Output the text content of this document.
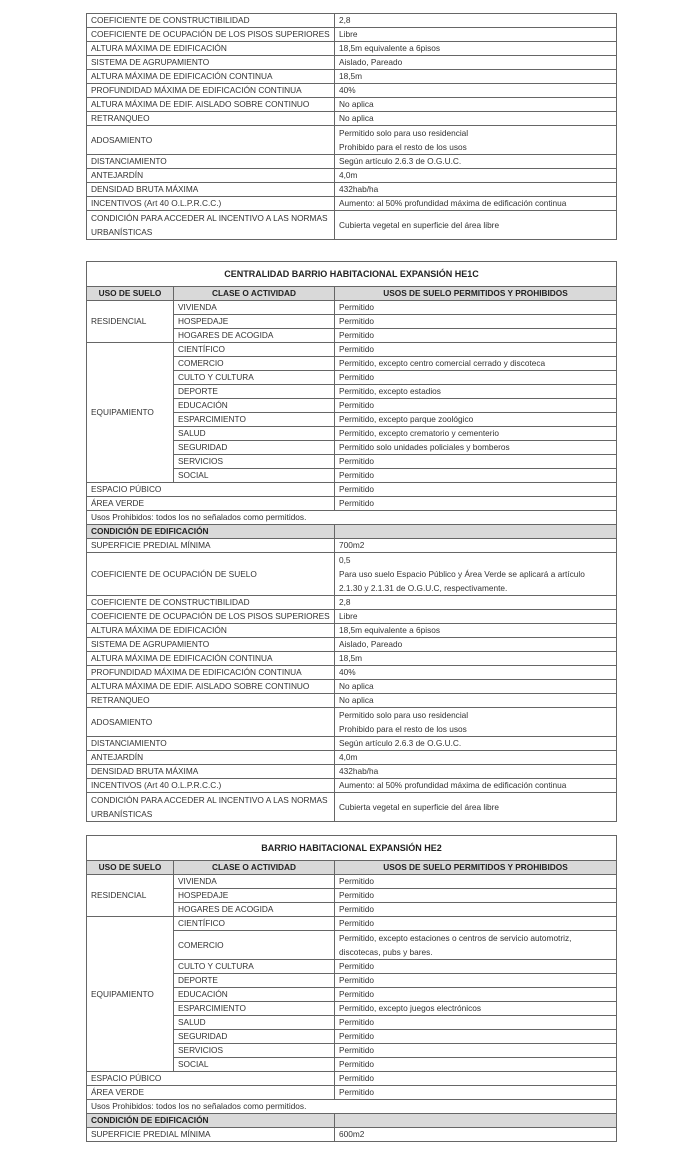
COEFICIENTE DE CONSTRUCTIBILIDAD	2,8
COEFICIENTE DE OCUPACIÓN DE LOS PISOS SUPERIORES	Libre
ALTURA MÁXIMA DE EDIFICACIÓN	18,5m equivalente a 6pisos
SISTEMA DE AGRUPAMIENTO	Aislado, Pareado
ALTURA MÁXIMA DE EDIFICACIÓN CONTINUA	18,5m
PROFUNDIDAD MÁXIMA DE EDIFICACIÓN CONTINUA	40%
ALTURA MÁXIMA DE EDIF. AISLADO SOBRE CONTINUO	No aplica
RETRANQUEO	No aplica
ADOSAMIENTO	Permitido solo para uso residencial
Prohibido para el resto de los usos

DISTANCIAMIENTO	Según artículo 2.6.3 de O.G.U.C.
ANTEJARDÍN	4,0m
DENSIDAD BRUTA MÁXIMA	432hab/ha
INCENTIVOS (Art 40 O.L.P.R.C.C.)	Aumento: al 50% profundidad máxima de edificación continua
CONDICIÓN PARA ACCEDER AL INCENTIVO A LAS NORMAS URBANÍSTICAS	Cubierta vegetal en superficie del área libre
CENTRALIDAD BARRIO HABITACIONAL EXPANSIÓN HE1C		
USO DE SUELO	CLASE O ACTIVIDAD	USOS DE SUELO PERMITIDOS Y PROHIBIDOS
RESIDENCIAL	VIVIENDA	Permitido
	HOSPEDAJE	Permitido
	HOGARES DE ACOGIDA	Permitido
EQUIPAMIENTO	CIENTÍFICO	Permitido
	COMERCIO	Permitido, excepto centro comercial cerrado y discoteca
	CULTO Y CULTURA	Permitido
	DEPORTE	Permitido, excepto estadios
	EDUCACIÓN	Permitido
	ESPARCIMIENTO	Permitido, excepto parque zoológico
	SALUD	Permitido, excepto crematorio y cementerio
	SEGURIDAD	Permitido solo unidades policiales y bomberos
	SERVICIOS	Permitido
	SOCIAL	Permitido
ESPACIO PÚBICO		Permitido
ÁREA VERDE		Permitido
Usos Prohibidos: todos los no señalados como permitidos.		
CONDICIÓN DE EDIFICACIÓN		
SUPERFICIE PREDIAL MÍNIMA		700m2
COEFICIENTE DE OCUPACIÓN DE SUELO		0,5
Para uso suelo Espacio Público y Área Verde se aplicará a artículo
2.1.30 y 2.1.31 de O.G.U.C, respectivamente.

COEFICIENTE DE CONSTRUCTIBILIDAD		2,8
COEFICIENTE DE OCUPACIÓN DE LOS PISOS SUPERIORES		Libre
ALTURA MÁXIMA DE EDIFICACIÓN		18,5m equivalente a 6pisos
SISTEMA DE AGRUPAMIENTO		Aislado, Pareado
ALTURA MÁXIMA DE EDIFICACIÓN CONTINUA		18,5m
PROFUNDIDAD MÁXIMA DE EDIFICACIÓN CONTINUA		40%
ALTURA MÁXIMA DE EDIF. AISLADO SOBRE CONTINUO		No aplica
RETRANQUEO		No aplica
ADOSAMIENTO		Permitido solo para uso residencial
Prohibido para el resto de los usos

DISTANCIAMIENTO		Según artículo 2.6.3 de O.G.U.C.
ANTEJARDÍN		4,0m
DENSIDAD BRUTA MÁXIMA		432hab/ha
INCENTIVOS (Art 40 O.L.P.R.C.C.)		Aumento: al 50% profundidad máxima de edificación continua
CONDICIÓN PARA ACCEDER AL INCENTIVO A LAS NORMAS URBANÍSTICAS		Cubierta vegetal en superficie del área libre
BARRIO HABITACIONAL EXPANSIÓN HE2		
USO DE SUELO	CLASE O ACTIVIDAD	USOS DE SUELO PERMITIDOS Y PROHIBIDOS
RESIDENCIAL	VIVIENDA	Permitido
	HOSPEDAJE	Permitido
	HOGARES DE ACOGIDA	Permitido
EQUIPAMIENTO	CIENTÍFICO	Permitido
	COMERCIO	Permitido, excepto estaciones o centros de servicio automotriz,
discotecas, pubs y bares.

	CULTO Y CULTURA	Permitido
	DEPORTE	Permitido
	EDUCACIÓN	Permitido
	ESPARCIMIENTO	Permitido, excepto juegos electrónicos
	SALUD	Permitido
	SEGURIDAD	Permitido
	SERVICIOS	Permitido
	SOCIAL	Permitido
ESPACIO PÚBICO		Permitido
ÁREA VERDE		Permitido
Usos Prohibidos: todos los no señalados como permitidos.		
CONDICIÓN DE EDIFICACIÓN		
SUPERFICIE PREDIAL MÍNIMA		600m2
